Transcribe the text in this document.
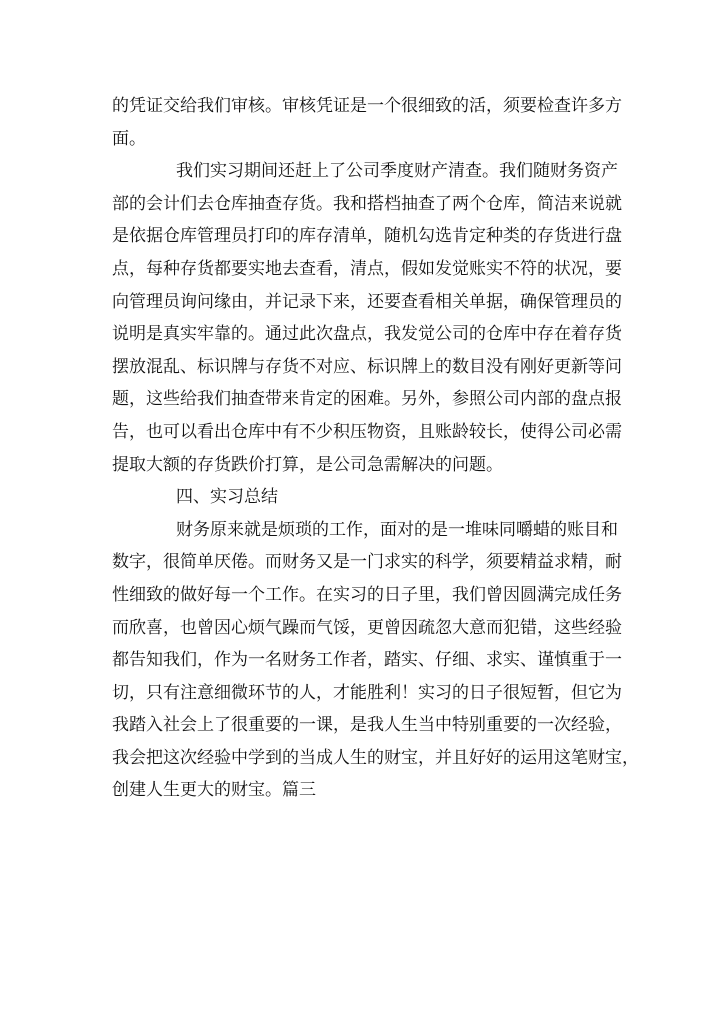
的凭证交给我们审核。审核凭证是一个很细致的活，须要检查许多方
面。
我们实习期间还赶上了公司季度财产清查。我们随财务资产
部的会计们去仓库抽查存货。我和搭档抽查了两个仓库，简洁来说就
是依据仓库管理员打印的库存清单，随机勾选肯定种类的存货进行盘
点，每种存货都要实地去查看，清点，假如发觉账实不符的状况，要
向管理员询问缘由，并记录下来，还要查看相关单据，确保管理员的
说明是真实牢靠的。通过此次盘点，我发觉公司的仓库中存在着存货
摆放混乱、标识牌与存货不对应、标识牌上的数目没有刚好更新等问
题，这些给我们抽查带来肯定的困难。另外，参照公司内部的盘点报
告，也可以看出仓库中有不少积压物资，且账龄较长，使得公司必需
提取大额的存货跌价打算，是公司急需解决的问题。
四、实习总结
财务原来就是烦琐的工作，面对的是一堆味同嚼蜡的账目和
数字，很简单厌倦。而财务又是一门求实的科学，须要精益求精，耐
性细致的做好每一个工作。在实习的日子里，我们曾因圆满完成任务
而欣喜，也曾因心烦气躁而气馁，更曾因疏忽大意而犯错，这些经验
都告知我们，作为一名财务工作者，踏实、仔细、求实、谨慎重于一
切，只有注意细微环节的人，才能胜利！实习的日子很短暂，但它为
我踏入社会上了很重要的一课，是我人生当中特别重要的一次经验，
我会把这次经验中学到的当成人生的财宝，并且好好的运用这笔财宝，
创建人生更大的财宝。篇三
